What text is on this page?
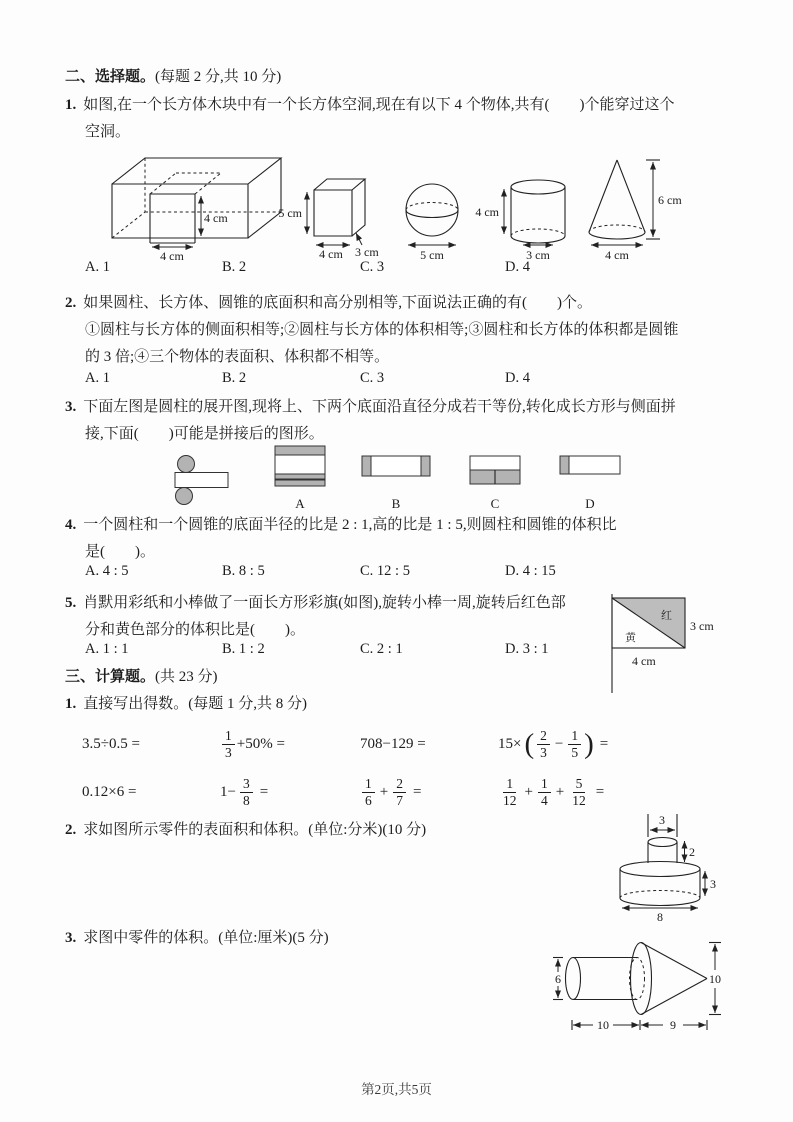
二、选择题。(每题 2 分,共 10 分)
1. 如图,在一个长方体木块中有一个长方体空洞,现在有以下 4 个物体,共有(　　)个能穿过这个
空洞。
4 cm
4 cm
5 cm
4 cm 3 cm	5 cm
4 cm
3 cm
6 cm
4 cm
A. 1	B. 2	C. 3	D. 4
2. 如果圆柱、长方体、圆锥的底面积和高分别相等,下面说法正确的有(　　)个。
①圆柱与长方体的侧面积相等;②圆柱与长方体的体积相等;③圆柱和长方体的体积都是圆锥
的 3 倍;④三个物体的表面积、体积都不相等。
A. 1	B. 2	C. 3	D. 4
3. 下面左图是圆柱的展开图,现将上、下两个底面沿直径分成若干等份,转化成长方形与侧面拼
接,下面(　　)可能是拼接后的图形。
A	B	C	D
4. 一个圆柱和一个圆锥的底面半径的比是 2 : 1,高的比是 1 : 5,则圆柱和圆锥的体积比
是(　　)。
A. 4 : 5	B. 8 : 5	C. 12 : 5	D. 4 : 15
5. 肖默用彩纸和小棒做了一面长方形彩旗(如图),旋转小棒一周,旋转后红色部
分和黄色部分的体积比是(　　)。
A. 1 : 1	B. 1 : 2	C. 2 : 1	D. 3 : 1
红
黄
3 cm
4 cm
三、计算题。(共 23 分)
1. 直接写出得数。(每题 1 分,共 8 分)
3.5÷0.5 =	$\frac{1}{3} +50\%$ =	708−129 =	15× ( $\frac{2}{3} - \frac{1}{5}$ ) =
0.12×6 =	$1- \frac{3}{8}$ =	$\frac{1}{6} + \frac{2}{7}$ =	$\frac{1}{12} + \frac{1}{4} + \frac{5}{12}$ =
2. 求如图所示零件的表面积和体积。(单位:分米)(10 分)
3
2
3
8
3. 求图中零件的体积。(单位:厘米)(5 分)
6	10
10	9
第2页,共5页
